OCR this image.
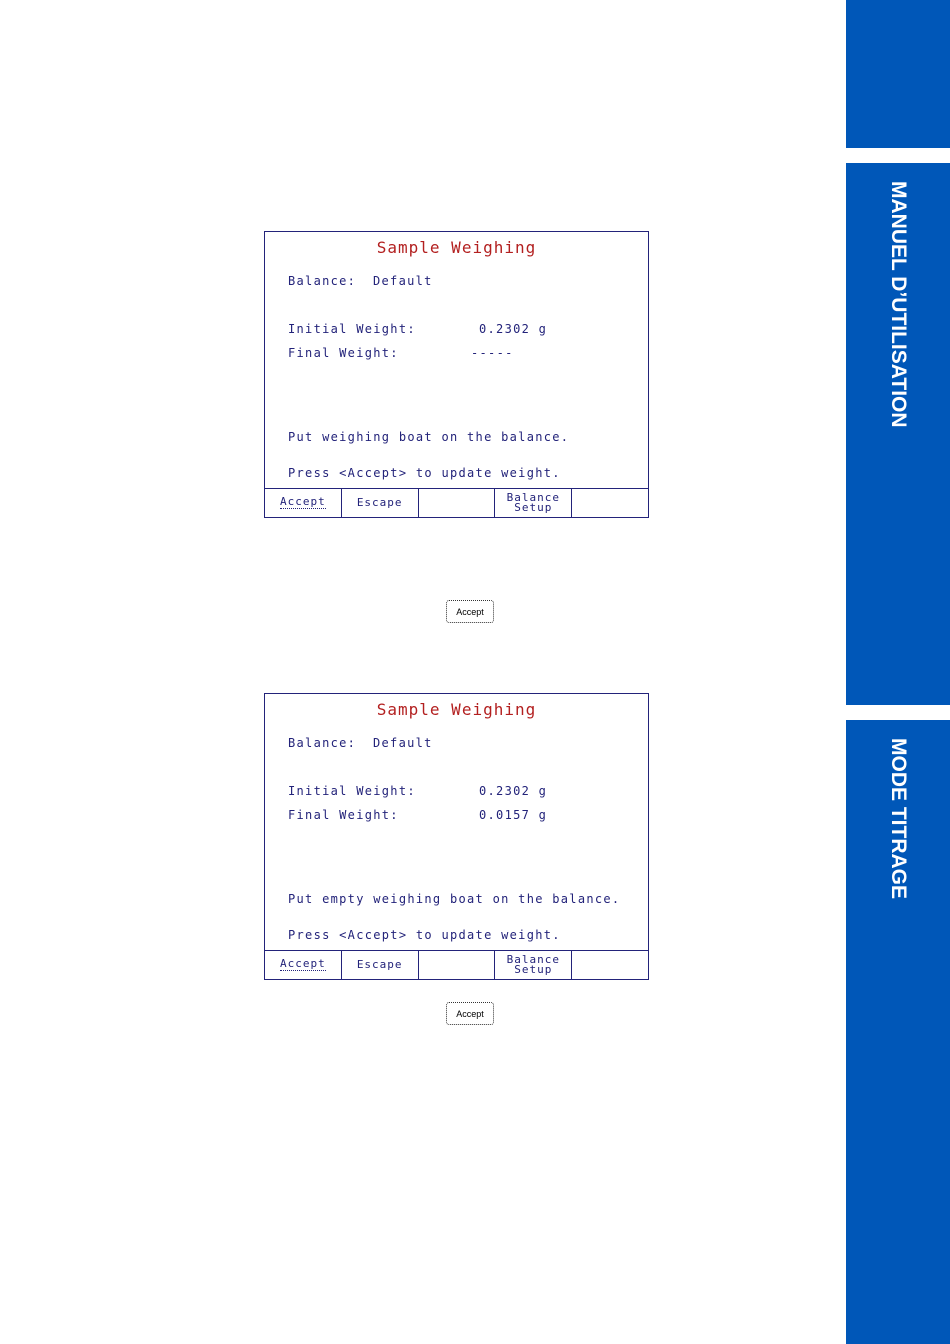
MANUEL D’UTILISATION
MODE TITRAGE
Sample Weighing
Balance: Default
Initial Weight:	0.2302 g
Final Weight:	-----
Put weighing boat on the balance.
Press <Accept> to update weight.
Accept	Escape	Balance
Setup
Accept
Sample Weighing
Balance: Default
Initial Weight:	0.2302 g
Final Weight:	0.0157 g
Put empty weighing boat on the balance.
Press <Accept> to update weight.
Accept	Escape	Balance
Setup
Accept
